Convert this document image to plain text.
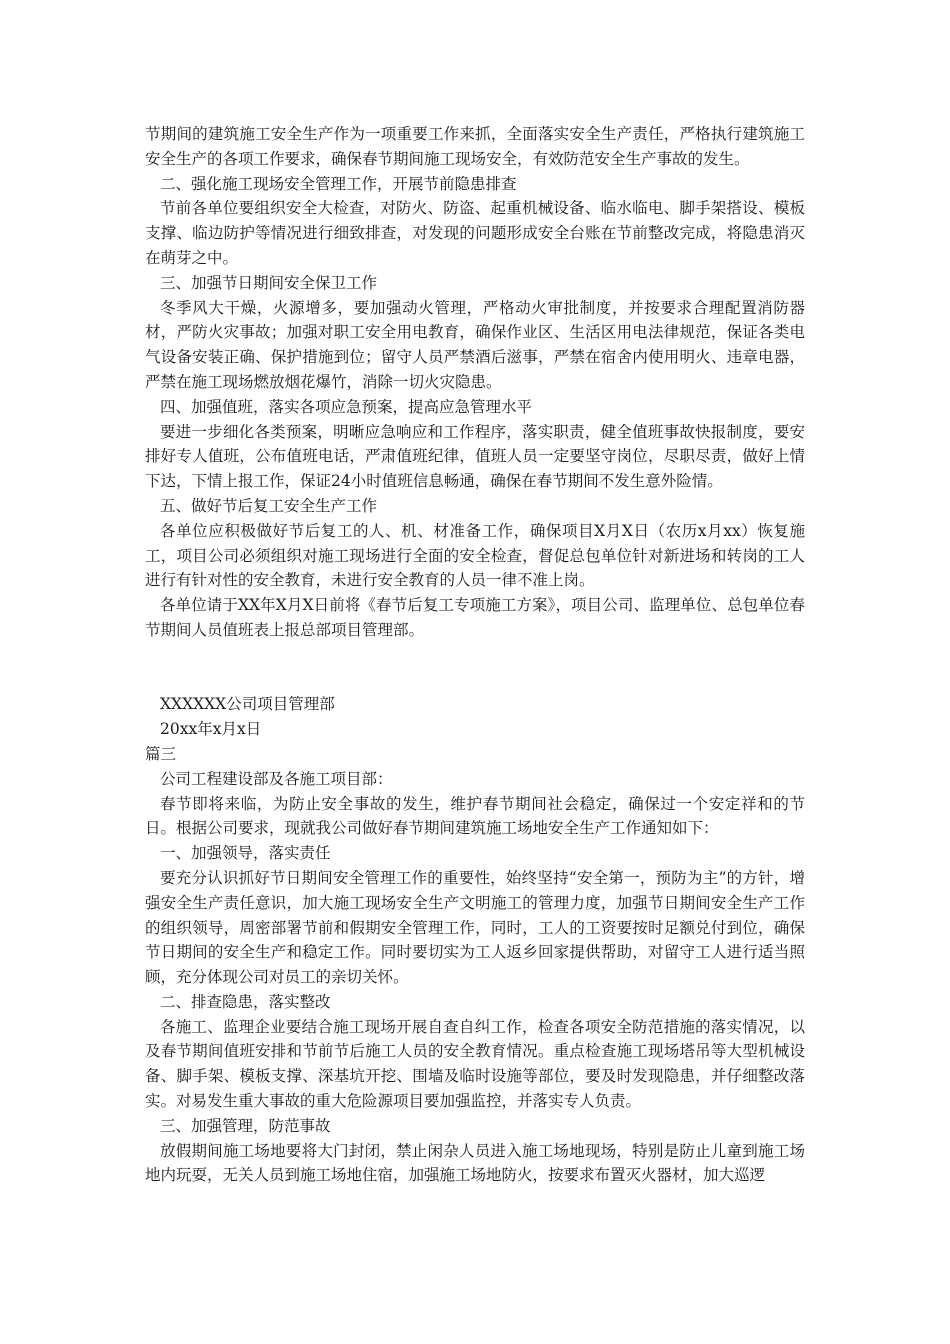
节期间的建筑施工安全生产作为一项重要工作来抓，全面落实安全生产责任，严格执行建筑施工安全生产的各项工作要求，确保春节期间施工现场安全，有效防范安全生产事故的发生。

二、强化施工现场安全管理工作，开展节前隐患排查

节前各单位要组织安全大检查，对防火、防盗、起重机械设备、临水临电、脚手架搭设、模板支撑、临边防护等情况进行细致排查，对发现的问题形成安全台账在节前整改完成，将隐患消灭在萌芽之中。

三、加强节日期间安全保卫工作

冬季风大干燥，火源增多，要加强动火管理，严格动火审批制度，并按要求合理配置消防器材，严防火灾事故；加强对职工安全用电教育，确保作业区、生活区用电法律规范，保证各类电气设备安装正确、保护措施到位；留守人员严禁酒后滋事，严禁在宿舍内使用明火、违章电器，严禁在施工现场燃放烟花爆竹，消除一切火灾隐患。

四、加强值班，落实各项应急预案，提高应急管理水平

要进一步细化各类预案，明晰应急响应和工作程序，落实职责，健全值班事故快报制度，要安排好专人值班，公布值班电话，严肃值班纪律，值班人员一定要坚守岗位，尽职尽责，做好上情下达，下情上报工作，保证24小时值班信息畅通，确保在春节期间不发生意外险情。

五、做好节后复工安全生产工作

各单位应积极做好节后复工的人、机、材准备工作，确保项目X月X日（农历x月xx）恢复施工，项目公司必须组织对施工现场进行全面的安全检查，督促总包单位针对新进场和转岗的工人进行有针对性的安全教育，未进行安全教育的人员一律不准上岗。

各单位请于XX年X月X日前将《春节后复工专项施工方案》，项目公司、监理单位、总包单位春节期间人员值班表上报总部项目管理部。

XXXXXX公司项目管理部

20xx年x月x日

篇三

公司工程建设部及各施工项目部：

春节即将来临，为防止安全事故的发生，维护春节期间社会稳定，确保过一个安定祥和的节日。根据公司要求，现就我公司做好春节期间建筑施工场地安全生产工作通知如下：

一、加强领导，落实责任

要充分认识抓好节日期间安全管理工作的重要性，始终坚持“安全第一，预防为主”的方针，增强安全生产责任意识，加大施工现场安全生产文明施工的管理力度，加强节日期间安全生产工作的组织领导，周密部署节前和假期安全管理工作，同时，工人的工资要按时足额兑付到位，确保节日期间的安全生产和稳定工作。同时要切实为工人返乡回家提供帮助，对留守工人进行适当照顾，充分体现公司对员工的亲切关怀。

二、排查隐患，落实整改

各施工、监理企业要结合施工现场开展自查自纠工作，检查各项安全防范措施的落实情况，以及春节期间值班安排和节前节后施工人员的安全教育情况。重点检查施工现场塔吊等大型机械设备、脚手架、模板支撑、深基坑开挖、围墙及临时设施等部位，要及时发现隐患，并仔细整改落实。对易发生重大事故的重大危险源项目要加强监控，并落实专人负责。

三、加强管理，防范事故

放假期间施工场地要将大门封闭，禁止闲杂人员进入施工场地现场，特别是防止儿童到施工场地内玩耍，无关人员到施工场地住宿，加强施工场地防火，按要求布置灭火器材，加大巡逻
